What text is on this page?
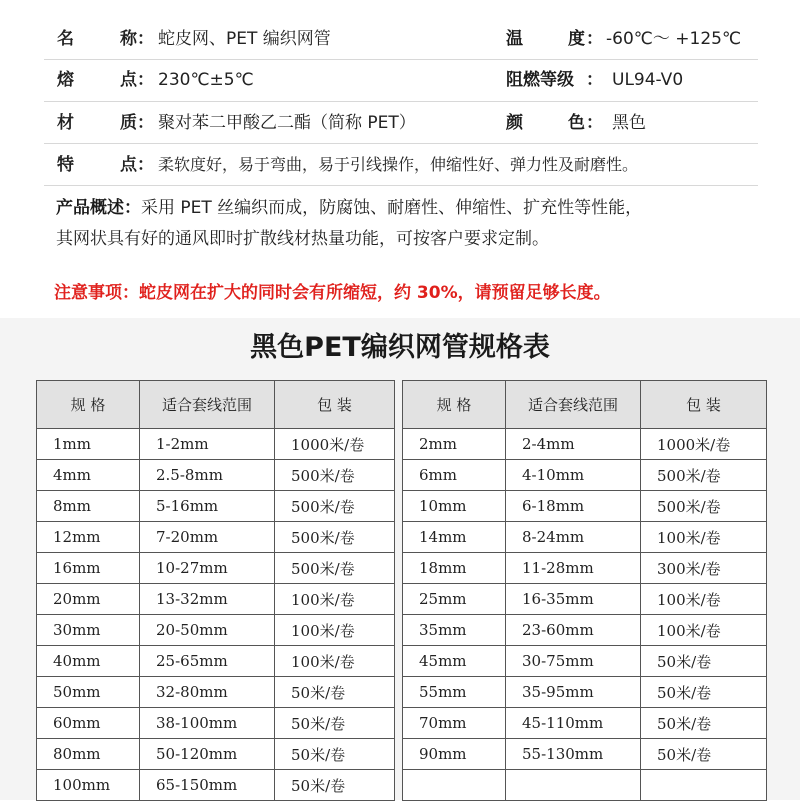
名	称 ： 蛇皮网、PET 编织网管	温	度 ： -60℃～ +125℃
熔	点 ： 230℃±5℃	阻燃等级 ： UL94-V0
材	质 ： 聚对苯二甲酸乙二酯（简称 PET）	颜	色 ： 黑色
特	点 ： 柔软度好，易于弯曲，易于引线操作，伸缩性好、弹力性及耐磨性。
产品概述：采用 PET 丝编织而成，防腐蚀、耐磨性、伸缩性、扩充性等性能，
其网状具有好的通风即时扩散线材热量功能，可按客户要求定制。
注意事项：蛇皮网在扩大的同时会有所缩短，约 30%，请预留足够长度。
黑色PET编织网管规格表
规 格	适合套线范围	包 装
1mm	1-2mm	1000米/卷
4mm	2.5-8mm	500米/卷
8mm	5-16mm	500米/卷
12mm	7-20mm	500米/卷
16mm	10-27mm	500米/卷
20mm	13-32mm	100米/卷
30mm	20-50mm	100米/卷
40mm	25-65mm	100米/卷
50mm	32-80mm	50米/卷
60mm	38-100mm	50米/卷
80mm	50-120mm	50米/卷
100mm	65-150mm	50米/卷
规 格	适合套线范围	包 装
2mm	2-4mm	1000米/卷
6mm	4-10mm	500米/卷
10mm	6-18mm	500米/卷
14mm	8-24mm	100米/卷
18mm	11-28mm	300米/卷
25mm	16-35mm	100米/卷
35mm	23-60mm	100米/卷
45mm	30-75mm	50米/卷
55mm	35-95mm	50米/卷
70mm	45-110mm	50米/卷
90mm	55-130mm	50米/卷
